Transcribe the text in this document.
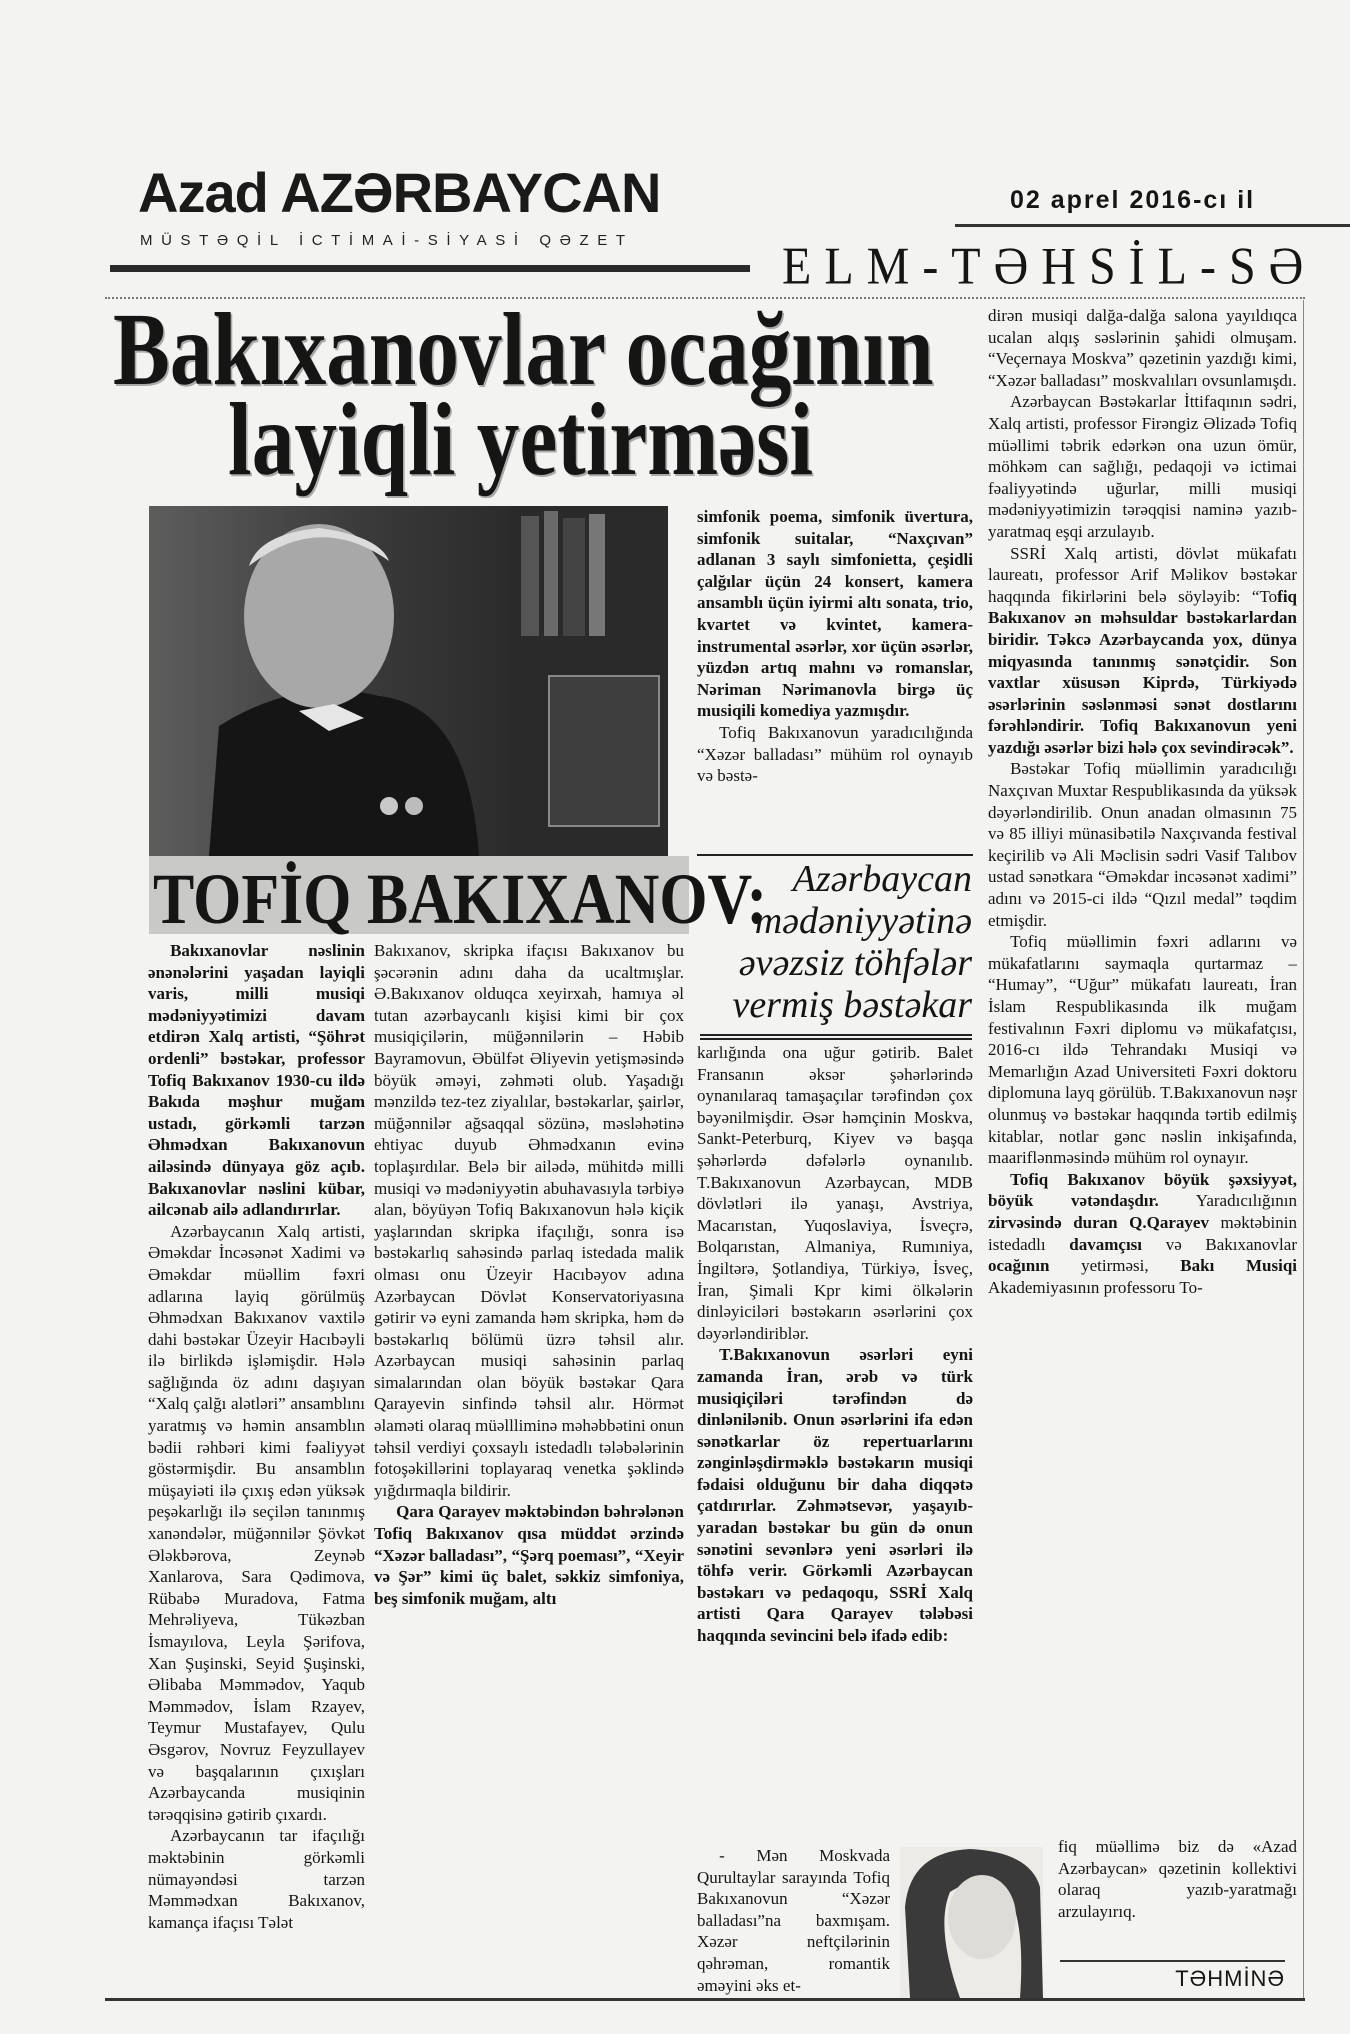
Azad AZƏRBAYCAN
MÜSTƏQİL İCTİMAİ-SİYASİ QƏZET
02 aprel 2016-cı il
ELM-TƏHSİL-SƏ
Bakıxanovlar ocağının
layiqli yetirməsi
TOFİQ BAKIXANOV: Azərbaycan
mədəniyyətinə
əvəzsiz töhfələr
vermiş bəstəkar

simfonik poema, simfonik üvertura, simfonik suitalar, “Naxçıvan” adlanan 3 saylı simfonietta, çeşidli çalğılar üçün 24 konsert, kamera ansamblı üçün iyirmi altı sonata, trio, kvartet və kvintet, kamera-instrumental əsərlər, xor üçün əsərlər, yüzdən artıq mahnı və romanslar, Nəriman Nərimanovla birgə üç musiqili komediya yazmışdır.

Tofiq Bakıxanovun yaradıcılığında “Xəzər balladası” mühüm rol oynayıb və bəstə-

Bakıxanovlar nəslinin ənənələrini yaşadan layiqli varis, milli musiqi mədəniyyətimizi davam etdirən Xalq artisti, “Şöhrət ordenli” bəstəkar, professor Tofiq Bakıxanov 1930-cu ildə Bakıda məşhur muğam ustadı, görkəmli tarzən Əhmədxan Bakıxanovun ailəsində dünyaya göz açıb. Bakıxanovlar nəslini kübar, ailcənab ailə adlandırırlar.

Azərbaycanın Xalq artisti, Əməkdar İncəsənət Xadimi və Əməkdar müəllim fəxri adlarına layiq görülmüş Əhmədxan Bakıxanov vaxtilə dahi bəstəkar Üzeyir Hacıbəyli ilə birlikdə işləmişdir. Hələ sağlığında öz adını daşıyan “Xalq çalğı alətləri” ansamblını yaratmış və həmin ansamblın bədii rəhbəri kimi fəaliyyət göstərmişdir. Bu ansamblın müşayiəti ilə çıxış edən yüksək peşəkarlığı ilə seçilən tanınmış xanəndələr, müğənnilər Şövkət Ələkbərova, Zeynəb Xanlarova, Sara Qədimova, Rübabə Muradova, Fatma Mehrəliyeva, Tükəzban İsmayılova, Leyla Şərifova, Xan Şuşinski, Seyid Şuşinski, Əlibaba Məmmədov, Yaqub Məmmədov, İslam Rzayev, Teymur Mustafayev, Qulu Əsgərov, Novruz Feyzullayev və başqalarının çıxışları Azərbaycanda musiqinin tərəqqisinə gətirib çıxardı.

Azərbaycanın tar ifaçılığı məktəbinin görkəmli nümayəndəsi tarzən Məmmədxan Bakıxanov, kamança ifaçısı Tələt

Bakıxanov, skripka ifaçısı Bakıxanov bu şəcərənin adını daha da ucaltmışlar. Ə.Bakıxanov olduqca xeyirxah, hamıya əl tutan azərbaycanlı kişisi kimi bir çox musiqiçilərin, müğənnilərin – Həbib Bayramovun, Əbülfət Əliyevin yetişməsində böyük əməyi, zəhməti olub. Yaşadığı mənzildə tez-tez ziyalılar, bəstəkarlar, şairlər, müğənnilər ağsaqqal sözünə, məsləhətinə ehtiyac duyub Əhmədxanın evinə toplaşırdılar. Belə bir ailədə, mühitdə milli musiqi və mədəniyyətin abuhavasıyla tərbiyə alan, böyüyən Tofiq Bakıxanovun hələ kiçik yaşlarından skripka ifaçılığı, sonra isə bəstəkarlıq sahəsində parlaq istedada malik olması onu Üzeyir Hacıbəyov adına Azərbaycan Dövlət Konservatoriyasına gətirir və eyni zamanda həm skripka, həm də bəstəkarlıq bölümü üzrə təhsil alır. Azərbaycan musiqi sahəsinin parlaq simalarından olan böyük bəstəkar Qara Qarayevin sinfində təhsil alır. Hörmət əlaməti olaraq müəllliminə məhəbbətini onun təhsil verdiyi çoxsaylı istedadlı tələbələrinin fotoşəkillərini toplayaraq venetka şəklində yığdırmaqla bildirir.

Qara Qarayev məktəbindən bəhrələnən Tofiq Bakıxanov qısa müddət ərzində “Xəzər balladası”, “Şərq poeması”, “Xeyir və Şər” kimi üç balet, səkkiz simfoniya, beş simfonik muğam, altı

karlığında ona uğur gətirib. Balet Fransanın əksər şəhərlərində oynanılaraq tamaşaçılar tərəfindən çox bəyənilmişdir. Əsər həmçinin Moskva, Sankt-Peterburq, Kiyev və başqa şəhərlərdə dəfələrlə oynanılıb. T.Bakıxanovun Azərbaycan, MDB dövlətləri ilə yanaşı, Avstriya, Macarıstan, Yuqoslaviya, İsveçrə, Bolqarıstan, Almaniya, Rumıniya, İngiltərə, Şotlandiya, Türkiyə, İsveç, İran, Şimali Kpr kimi ölkələrin dinləyiciləri bəstəkarın əsərlərini çox dəyərləndiriblər.

T.Bakıxanovun əsərləri eyni zamanda İran, ərəb və türk musiqiçiləri tərəfindən də dinlənilənib. Onun əsərlərini ifa edən sənətkarlar öz repertuarlarını zənginləşdirməklə bəstəkarın musiqi fədaisi olduğunu bir daha diqqətə çatdırırlar. Zəhmətsevər, yaşayıb-yaradan bəstəkar bu gün də onun sənətini sevənlərə yeni əsərləri ilə töhfə verir. Görkəmli Azərbaycan bəstəkarı və pedaqoqu, SSRİ Xalq artisti Qara Qarayev tələbəsi haqqında sevincini belə ifadə edib:

- Mən Moskvada Qurultaylar sarayında Tofiq Bakıxanovun “Xəzər balladası”na baxmışam. Xəzər neftçilərinin qəhrəman, romantik əməyini əks et-

dirən musiqi dalğa-dalğa salona yayıldıqca ucalan alqış səslərinin şahidi olmuşam. “Veçernaya Moskva” qəzetinin yazdığı kimi, “Xəzər balladası” moskvalıları ovsunlamışdı.

Azərbaycan Bəstəkarlar İttifaqının sədri, Xalq artisti, professor Firəngiz Əlizadə Tofiq müəllimi təbrik edərkən ona uzun ömür, möhkəm can sağlığı, pedaqoji və ictimai fəaliyyətində uğurlar, milli musiqi mədəniyyətimizin tərəqqisi naminə yazıb-yaratmaq eşqi arzulayıb.

SSRİ Xalq artisti, dövlət mükafatı laureatı, professor Arif Məlikov bəstəkar haqqında fikirlərini belə söyləyib: “Tofiq Bakıxanov ən məhsuldar bəstəkarlardan biridir. Təkcə Azərbaycanda yox, dünya miqyasında tanınmış sənətçidir. Son vaxtlar xüsusən Kiprdə, Türkiyədə əsərlərinin səslənməsi sənət dostlarını fərəhləndirir. Tofiq Bakıxanovun yeni yazdığı əsərlər bizi hələ çox sevindirəcək”.

Bəstəkar Tofiq müəllimin yaradıcılığı Naxçıvan Muxtar Respublikasında da yüksək dəyərləndirilib. Onun anadan olmasının 75 və 85 illiyi münasibətilə Naxçıvanda festival keçirilib və Ali Məclisin sədri Vasif Talıbov ustad sənətkara “Əməkdar incəsənət xadimi” adını və 2015-ci ildə “Qızıl medal” təqdim etmişdir.

Tofiq müəllimin fəxri adlarını və mükafatlarını saymaqla qurtarmaz – “Humay”, “Uğur” mükafatı laureatı, İran İslam Respublikasında ilk muğam festivalının Fəxri diplomu və mükafatçısı, 2016-cı ildə Tehrandakı Musiqi və Memarlığın Azad Universiteti Fəxri doktoru diplomuna layq görülüb. T.Bakıxanovun nəşr olunmuş və bəstəkar haqqında tərtib edilmiş kitablar, notlar gənc nəslin inkişafında, maariflənməsində mühüm rol oynayır.

Tofiq Bakıxanov böyük şəxsiyyət, böyük vətəndaşdır. Yaradıcılığının zirvəsində duran Q.Qarayev məktəbinin istedadlı davamçısı və Bakıxanovlar ocağının yetirməsi, Bakı Musiqi Akademiyasının professoru To-

fiq müəllimə biz də «Azad Azərbaycan» qəzetinin kollektivi olaraq yazıb-yaratmağı arzulayırıq.

TƏHMİNƏ
